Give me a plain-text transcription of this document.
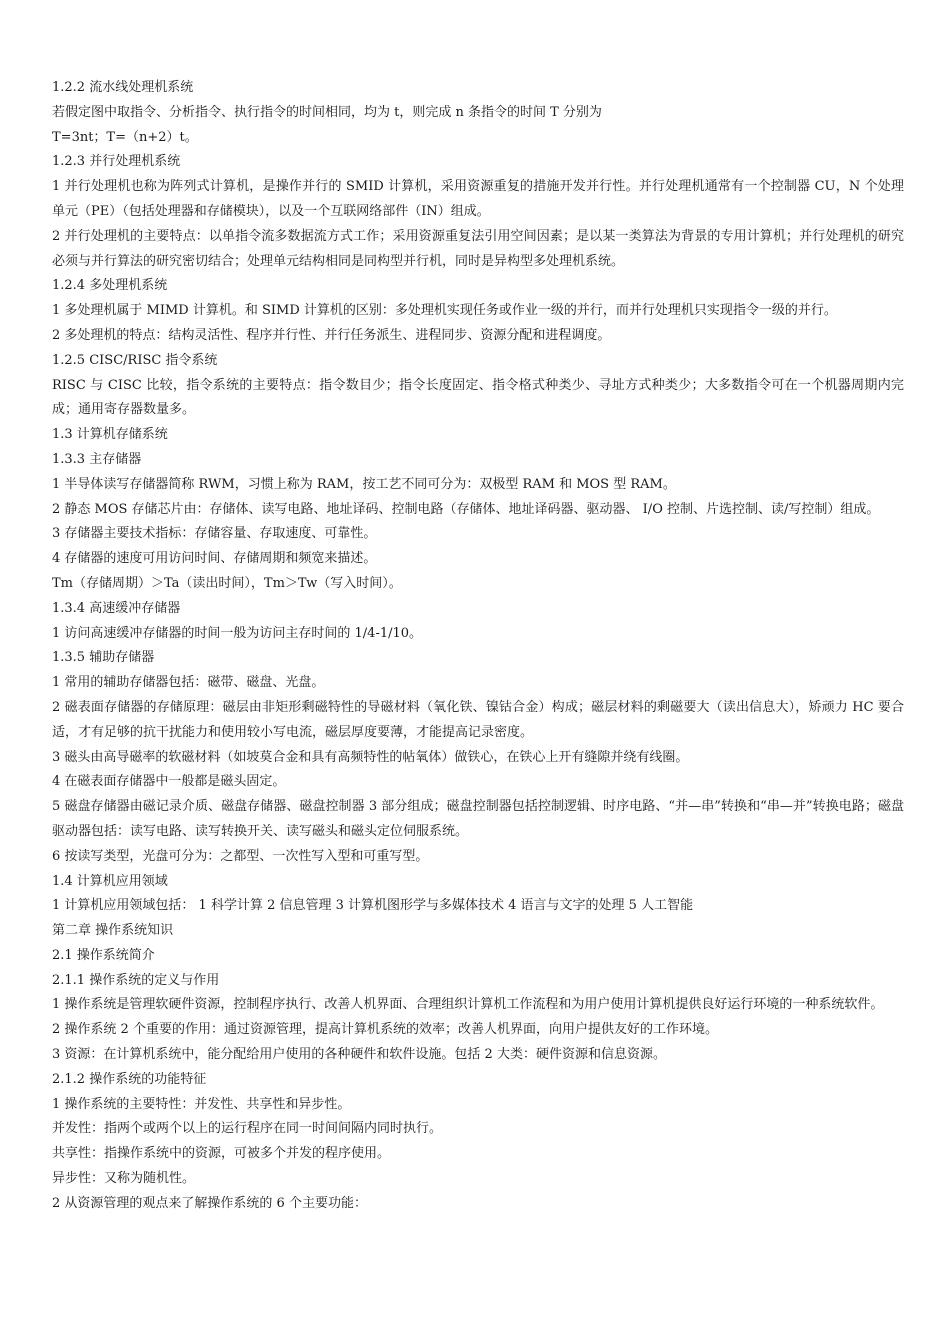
1.2.2 流水线处理机系统

若假定图中取指令、分析指令、执行指令的时间相同，均为 t，则完成 n 条指令的时间 T 分别为

T=3nt；T=（n+2）t。

1.2.3 并行处理机系统

1 并行处理机也称为阵列式计算机，是操作并行的 SMID 计算机，采用资源重复的措施开发并行性。并行处理机通常有一个控制器 CU，N 个处理单元（PE）（包括处理器和存储模块），以及一个互联网络部件（IN）组成。

2 并行处理机的主要特点：以单指令流多数据流方式工作；采用资源重复法引用空间因素；是以某一类算法为背景的专用计算机；并行处理机的研究必须与并行算法的研究密切结合；处理单元结构相同是同构型并行机，同时是异构型多处理机系统。

1.2.4 多处理机系统

1 多处理机属于 MIMD 计算机。和 SIMD 计算机的区别：多处理机实现任务或作业一级的并行，而并行处理机只实现指令一级的并行。

2 多处理机的特点：结构灵活性、程序并行性、并行任务派生、进程同步、资源分配和进程调度。

1.2.5 CISC/RISC 指令系统

RISC 与 CISC 比较，指令系统的主要特点：指令数目少；指令长度固定、指令格式种类少、寻址方式种类少；大多数指令可在一个机器周期内完成；通用寄存器数量多。

1.3 计算机存储系统

1.3.3 主存储器

1 半导体读写存储器简称 RWM，习惯上称为 RAM，按工艺不同可分为：双极型 RAM 和 MOS 型 RAM。

2 静态 MOS 存储芯片由：存储体、读写电路、地址译码、控制电路（存储体、地址译码器、驱动器、 I/O 控制、片选控制、读/写控制）组成。

3 存储器主要技术指标：存储容量、存取速度、可靠性。

4 存储器的速度可用访问时间、存储周期和频宽来描述。

Tm（存储周期）＞Ta（读出时间），Tm＞Tw（写入时间）。

1.3.4 高速缓冲存储器

1 访问高速缓冲存储器的时间一般为访问主存时间的 1/4-1/10。

1.3.5 辅助存储器

1 常用的辅助存储器包括：磁带、磁盘、光盘。

2 磁表面存储器的存储原理：磁层由非矩形剩磁特性的导磁材料（氧化铁、镍钴合金）构成；磁层材料的剩磁要大（读出信息大），矫顽力 HC 要合适，才有足够的抗干扰能力和使用较小写电流，磁层厚度要薄，才能提高记录密度。

3 磁头由高导磁率的软磁材料（如坡莫合金和具有高频特性的帖氧体）做铁心，在铁心上开有缝隙并绕有线圈。

4 在磁表面存储器中一般都是磁头固定。

5 磁盘存储器由磁记录介质、磁盘存储器、磁盘控制器 3 部分组成；磁盘控制器包括控制逻辑、时序电路、“并—串”转换和“串—并”转换电路；磁盘驱动器包括：读写电路、读写转换开关、读写磁头和磁头定位伺服系统。

6 按读写类型，光盘可分为：之都型、一次性写入型和可重写型。

1.4 计算机应用领域

1 计算机应用领域包括： 1 科学计算 2 信息管理 3 计算机图形学与多媒体技术 4 语言与文字的处理 5 人工智能

第二章 操作系统知识

2.1 操作系统简介

2.1.1 操作系统的定义与作用

1 操作系统是管理软硬件资源，控制程序执行、改善人机界面、合理组织计算机工作流程和为用户使用计算机提供良好运行环境的一种系统软件。

2 操作系统 2 个重要的作用：通过资源管理，提高计算机系统的效率；改善人机界面，向用户提供友好的工作环境。

3 资源：在计算机系统中，能分配给用户使用的各种硬件和软件设施。包括 2 大类：硬件资源和信息资源。

2.1.2 操作系统的功能特征

1 操作系统的主要特性：并发性、共享性和异步性。

并发性：指两个或两个以上的运行程序在同一时间间隔内同时执行。

共享性：指操作系统中的资源，可被多个并发的程序使用。

异步性：又称为随机性。

2 从资源管理的观点来了解操作系统的 6 个主要功能：
